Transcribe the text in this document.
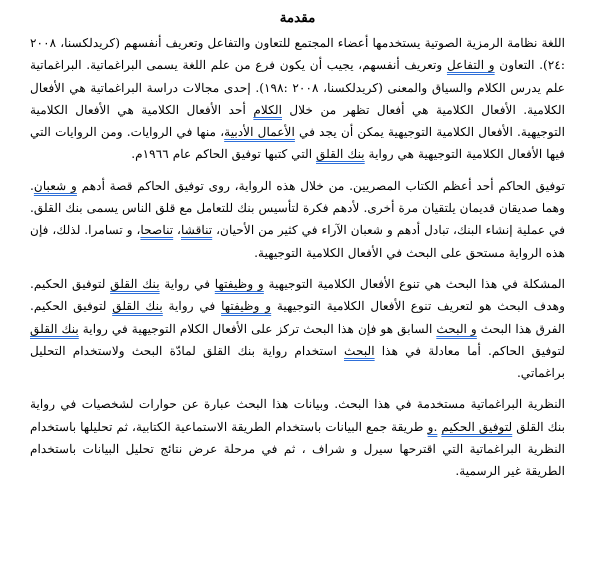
مقدمة

اللغة نظامة الرمزية الصوتية يستخدمها أعضاء المجتمع للتعاون والتفاعل وتعريف أنفسهم (كريدلكسنا، ٢٠٠٨ :٢٤). التعاون و التفاعل وتعريف أنفسهم، يجيب أن يكون فرع من علم اللغة يسمى البراغماتية. البراغماتية علم يدرس الكلام والسياق والمعنى (كريدلكسنا، ٢٠٠٨ :١٩٨). إحدى مجالات دراسة البراغماتية هي الأفعال الكلامية. الأفعال الكلامية هي أفعال تظهر من خلال الكلام أحد الأفعال الكلامية هي الأفعال الكلامية التوجيهية. الأفعال الكلامية التوجيهية يمكن أن يجد في الأعمال الأدبية، منها في الروايات. ومن الروايات التي فيها الأفعال الكلامية التوجيهية هي رواية بنك القلق التي كتبها توفيق الحاكم عام ١٩٦٦م.

توفيق الحاكم أحد أعظم الكتاب المصريين. من خلال هذه الرواية، روى توفيق الحاكم قصة أدهم و شعبان. وهما صديقان قديمان يلتقيان مرة أخرى. لأدهم فكرة لتأسيس بنك للتعامل مع قلق الناس يسمى بنك القلق. في عملية إنشاء البنك، تبادل أدهم و شعبان الآراء في كثير من الأحيان، تناقشا، تناصحا، و تسامرا. لذلك، فإن هذه الرواية مستحق على البحث في الأفعال الكلامية التوجيهية.

المشكلة في هذا البحث هي تنوع الأفعال الكلامية التوجيهية و وظيفتها في رواية بنك القلق لتوفيق الحكيم. وهدف البحث هو لتعريف تنوع الأفعال الكلامية التوجيهية و وظيفتها في رواية بنك القلق لتوفيق الحكيم. الفرق هذا البحث و البحث السابق هو فإن هذا البحث تركز على الأفعال الكلام التوجيهية في رواية بنك القلق لتوفيق الحاكم. أما معادلة في هذا البحث استخدام رواية بنك القلق لمادّة البحث ولاستخدام التحليل براغماتي.

النظرية البراغماتية مستخدمة في هذا البحث. وبيانات هذا البحث عبارة عن حوارات لشخصيات في رواية بنك القلق لتوفيق الحكيم .و طريقة جمع البيانات باستخدام الطريقة الاستماعية الكتابية، ثم تحليلها باستخدام النظرية البراغماتية التي اقترحها سيرل و شراف ، ثم في مرحلة عرض نتائج تحليل البيانات باستخدام الطريقة غير الرسمية.
